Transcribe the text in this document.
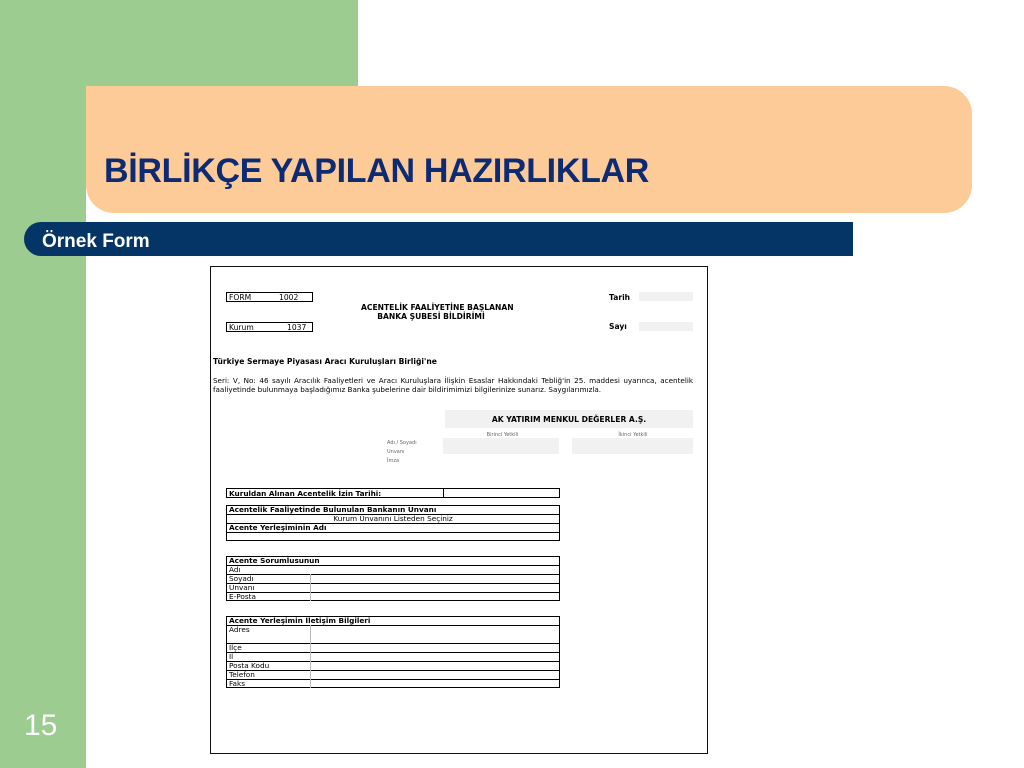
BİRLİKÇE YAPILAN HAZIRLIKLAR
Örnek Form
15
FORM	1002
Kurum	1037
ACENTELİK FAALİYETİNE BAŞLANAN
BANKA ŞUBESİ BİLDİRİMİ
Tarih
Sayı
Türkiye Sermaye Piyasası Aracı Kuruluşları Birliği'ne
Seri: V, No: 46 sayılı Aracılık Faaliyetleri ve Aracı Kuruluşlara İlişkin Esaslar Hakkındaki Tebliğ'in 25. maddesi uyarınca, acentelik faaliyetinde bulunmaya başladığımız Banka şubelerine dair bildirimimizi bilgilerinize sunarız. Saygılarımızla.
AK YATIRIM MENKUL DEĞERLER A.Ş.
Birinci Yetkili	İkinci Yetkili
Adı / Soyadı
Unvanı
İmza
Kuruldan Alınan Acentelik İzin Tarihi:
Acentelik Faaliyetinde Bulunulan Bankanın Unvanı
Kurum Ünvanını Listeden Seçiniz
Acente Yerleşiminin Adı
Acente Sorumlusunun
Adı
Soyadı
Unvanı
E-Posta
Acente Yerleşimin İletişim Bilgileri
Adres
İlçe
İl
Posta Kodu
Telefon
Faks
